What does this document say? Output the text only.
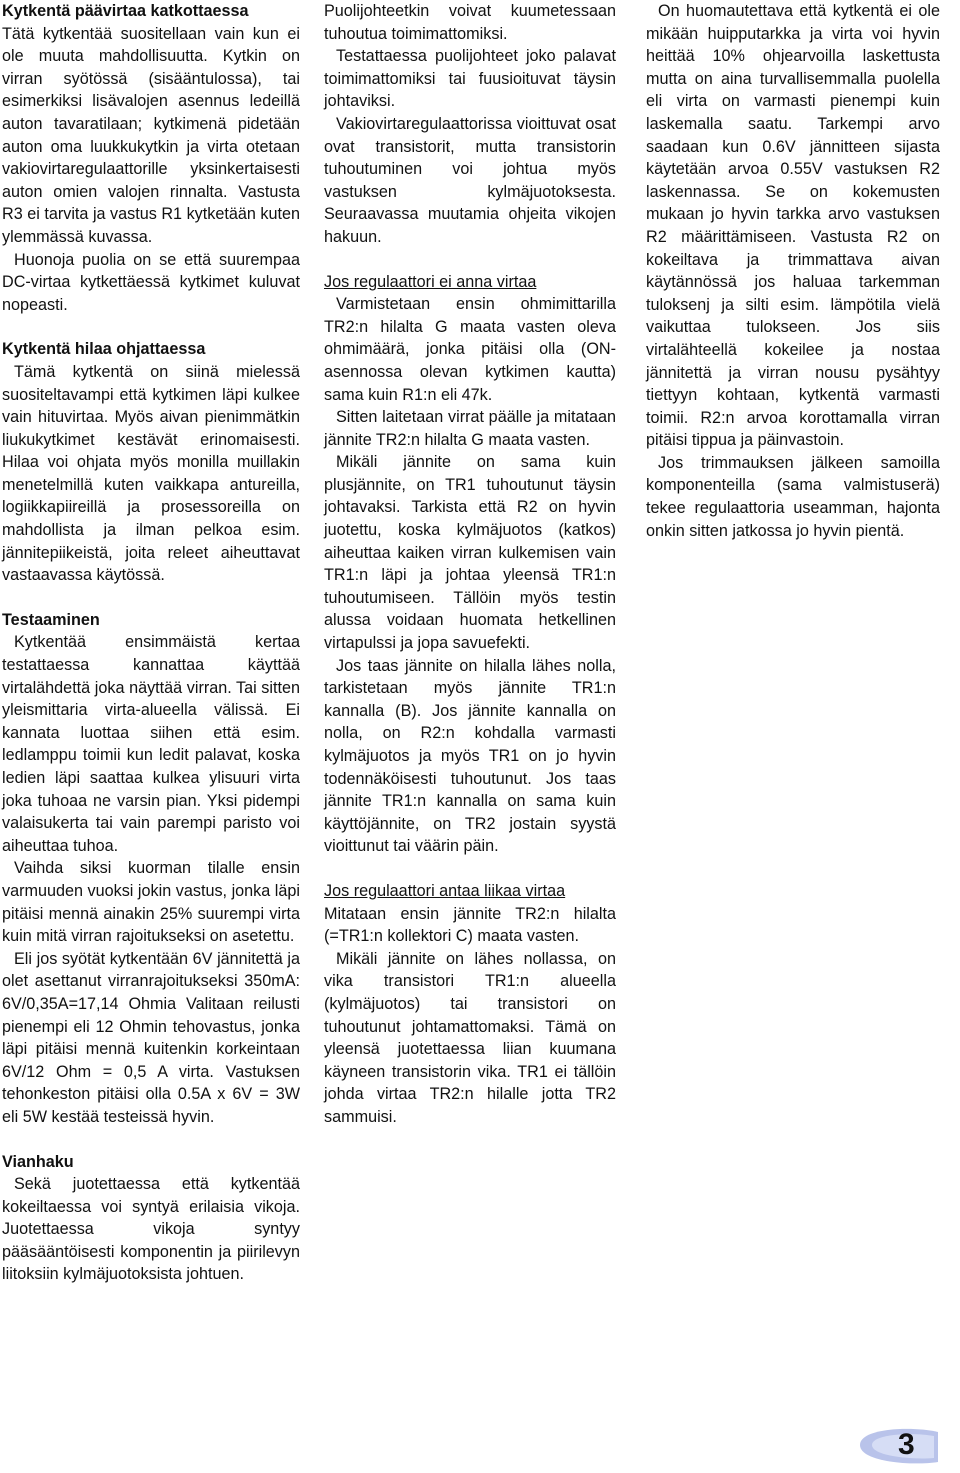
Kytkentä päävirtaa katkottaessa

Tätä kytkentää suositellaan vain kun ei ole muuta mahdollisuutta. Kytkin on virran syötössä (sisääntulossa), tai esimerkiksi lisävalojen asennus ledeillä auton tavaratilaan; kytkimenä pidetään auton oma luukkukytkin ja virta otetaan vakiovirtaregulaattorille yksinkertaisesti auton omien valojen rinnalta. Vastusta R3 ei tarvita ja vastus R1 kytketään kuten ylemmässä kuvassa.

Huonoja puolia on se että suurempaa DC-virtaa kytkettäessä kytkimet kuluvat nopeasti.

Kytkentä hilaa ohjattaessa

Tämä kytkentä on siinä mielessä suositeltavampi että kytkimen läpi kulkee vain hituvirtaa. Myös aivan pienimmätkin liukukytkimet kestävät erinomaisesti. Hilaa voi ohjata myös monilla muillakin menetelmillä kuten vaikkapa antureilla, logiikkapiireillä ja prosessoreilla on mahdollista ja ilman pelkoa esim. jännitepiikeistä, joita releet aiheuttavat vastaavassa käytössä.

Testaaminen

Kytkentää ensimmäistä kertaa testattaessa kannattaa käyttää virtalähdettä joka näyttää virran. Tai sitten yleismittaria virta-alueella välissä. Ei kannata luottaa siihen että esim. ledlamppu toimii kun ledit palavat, koska ledien läpi saattaa kulkea ylisuuri virta joka tuhoaa ne varsin pian. Yksi pidempi valaisukerta tai vain parempi paristo voi aiheuttaa tuhoa.

Vaihda siksi kuorman tilalle ensin varmuuden vuoksi jokin vastus, jonka läpi pitäisi mennä ainakin 25% suurempi virta kuin mitä virran rajoitukseksi on asetettu.

Eli jos syötät kytkentään 6V jännitettä ja olet asettanut virranrajoitukseksi 350mA: 6V/0,35A=17,14 Ohmia Valitaan reilusti pienempi eli 12 Ohmin tehovastus, jonka läpi pitäisi mennä kuitenkin korkeintaan 6V/12 Ohm = 0,5 A virta. Vastuksen tehonkeston pitäisi olla 0.5A x 6V = 3W eli 5W kestää testeissä hyvin.

Vianhaku

Sekä juotettaessa että kytkentää kokeiltaessa voi syntyä erilaisia vikoja. Juotettaessa vikoja syntyy pääsääntöisesti komponentin ja piirilevyn liitoksiin kylmäjuotoksista johtuen.

Puolijohteetkin voivat kuumetessaan tuhoutua toimimattomiksi.

Testattaessa puolijohteet joko palavat toimimattomiksi tai fuusioituvat täysin johtaviksi.

Vakiovirtaregulaattorissa vioittuvat osat ovat transistorit, mutta transistorin tuhoutuminen voi johtua myös vastuksen kylmäjuotoksesta. Seuraavassa muutamia ohjeita vikojen hakuun.

Jos regulaattori ei anna virtaa

Varmistetaan ensin ohmimittarilla TR2:n hilalta G maata vasten oleva ohmimäärä, jonka pitäisi olla (ON-asennossa olevan kytkimen kautta) sama kuin R1:n eli 47k.

Sitten laitetaan virrat päälle ja mitataan jännite TR2:n hilalta G maata vasten.

Mikäli jännite on sama kuin plusjännite, on TR1 tuhoutunut täysin johtavaksi. Tarkista että R2 on hyvin juotettu, koska kylmäjuotos (katkos) aiheuttaa kaiken virran kulkemisen vain TR1:n läpi ja johtaa yleensä TR1:n tuhoutumiseen. Tällöin myös testin alussa voidaan huomata hetkellinen virtapulssi ja jopa savuefekti.

Jos taas jännite on hilalla lähes nolla, tarkistetaan myös jännite TR1:n kannalla (B). Jos jännite kannalla on nolla, on R2:n kohdalla varmasti kylmäjuotos ja myös TR1 on jo hyvin todennäköisesti tuhoutunut. Jos taas jännite TR1:n kannalla on sama kuin käyttöjännite, on TR2 jostain syystä vioittunut tai väärin päin.

Jos regulaattori antaa liikaa virtaa

Mitataan ensin jännite TR2:n hilalta (=TR1:n kollektori C) maata vasten.

Mikäli jännite on lähes nollassa, on vika transistori TR1:n alueella (kylmäjuotos) tai transistori on tuhoutunut johtamattomaksi. Tämä on yleensä juotettaessa liian kuumana käyneen transistorin vika. TR1 ei tällöin johda virtaa TR2:n hilalle jotta TR2 sammuisi.

On huomautettava että kytkentä ei ole mikään huipputarkka ja virta voi hyvin heittää 10% ohjearvoilla laskettusta mutta on aina turvallisemmalla puolella eli virta on varmasti pienempi kuin laskemalla saatu. Tarkempi arvo saadaan kun 0.6V jännitteen sijasta käytetään arvoa 0.55V vastuksen R2 laskennassa. Se on kokemusten mukaan jo hyvin tarkka arvo vastuksen R2 määrittämiseen. Vastusta R2 on kokeiltava ja trimmattava aivan käytännössä jos haluaa tarkemman tuloksenj ja silti esim. lämpötila vielä vaikuttaa tulokseen. Jos siis virtalähteellä kokeilee ja nostaa jännitettä ja virran nousu pysähtyy tiettyyn kohtaan, kytkentä varmasti toimii. R2:n arvoa korottamalla virran pitäisi tippua ja päinvastoin.

Jos trimmauksen jälkeen samoilla komponenteilla (sama valmistuserä) tekee regulaattoria useamman, hajonta onkin sitten jatkossa jo hyvin pientä.

3
